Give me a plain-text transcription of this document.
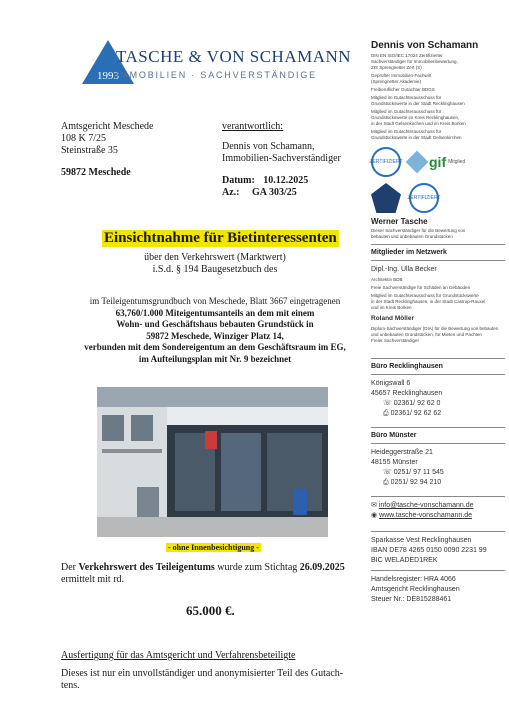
1993
TASCHE & VON SCHAMANN
IMMOBILIEN · SACHVERSTÄNDIGE
Amtsgericht Meschede
108 K 7/25
Steinstraße 35
59872 Meschede
verantwortlich:
Dennis von Schamann,
Immobilien-Sachverständiger
Datum: 10.12.2025
Az.: GA 303/25
Einsichtnahme für Bietinteressenten
über den Verkehrswert (Marktwert)
i.S.d. § 194 Baugesetzbuch des
im Teileigentumsgrundbuch von Meschede, Blatt 3667 eingetragenen
63,760/1.000 Miteigentumsanteils an dem mit einem
Wohn- und Geschäftshaus bebauten Grundstück in
59872 Meschede, Winziger Platz 14,
verbunden mit dem Sondereigentum an dem Geschäftsraum im EG,
im Aufteilungsplan mit Nr. 9 bezeichnet
- ohne Innenbesichtigung -
Der Verkehrswert des Teileigentums wurde zum Stichtag 26.09.2025
ermittelt mit rd.
65.000 €.
Ausfertigung für das Amtsgericht und Verfahrensbeteiligte
Dieses ist nur ein unvollständiger und anonymisierter Teil des Gutach-
tens.
Dennis von Schamann
DIN EN ISO/IEC 17024 Zertifizierter
Sachverständiger für Immobilienbewertung,
ZIS Sprengnetter Zert (S)
Geprüfter Immobilien-Fachwirt
(Sprengnetter Akademie)
Freiberuflicher Gutachter BDGS
Mitglied im Gutachterausschuss für
Grundstückswerte in der Stadt Recklinghausen
Mitglied im Gutachterausschuss für
Grundstückswerte im Kreis Recklinghausen,
in der Stadt Gelsenkirchen und im Kreis Borken
Mitglied im Gutachterausschuss für
Grundstückswerte in der Stadt Gelsenkirchen
ZERTIFIZIERT gif Mitglied
ZERTIFIZIERT
Werner Tasche
Dieser Sachverständiger für die Bewertung von
bebauten und unbebauten Grundstücken
Mitglieder im Netzwerk
Dipl.-Ing. Ulla Becker
Architektin BDB
Freie Sachverständige für Schäden an Gebäuden
Mitglied im Gutachterausschuss für Grundstückswerte
in der Stadt Recklinghausen, in der Stadt Castrop-Rauxel
und im Kreis Borken
Roland Möller
Diplom-Sachverständiger (DIA) für die Bewertung von bebauten
und unbebauten Grundstücken, für Mieten und Pachten
Freier Sachverständiger
Büro Recklinghausen
Königswall 6
45657 Recklinghausen
☏ 02361/ 92 62 0
⎙ 02361/ 92 62 62
Büro Münster
Heideggerstraße 21
48155 Münster
☏ 0251/ 97 11 545
⎙ 0251/ 92 94 210
✉ info@tasche-vonschamann.de
◉ www.tasche-vonschamann.de
Sparkasse Vest Recklinghausen
IBAN DE78 4265 0150 0090 2231 99
BIC WELADED1REK
Handelsregister: HRA 4066
Amtsgericht Recklinghausen
Steuer Nr.: DE815288461
